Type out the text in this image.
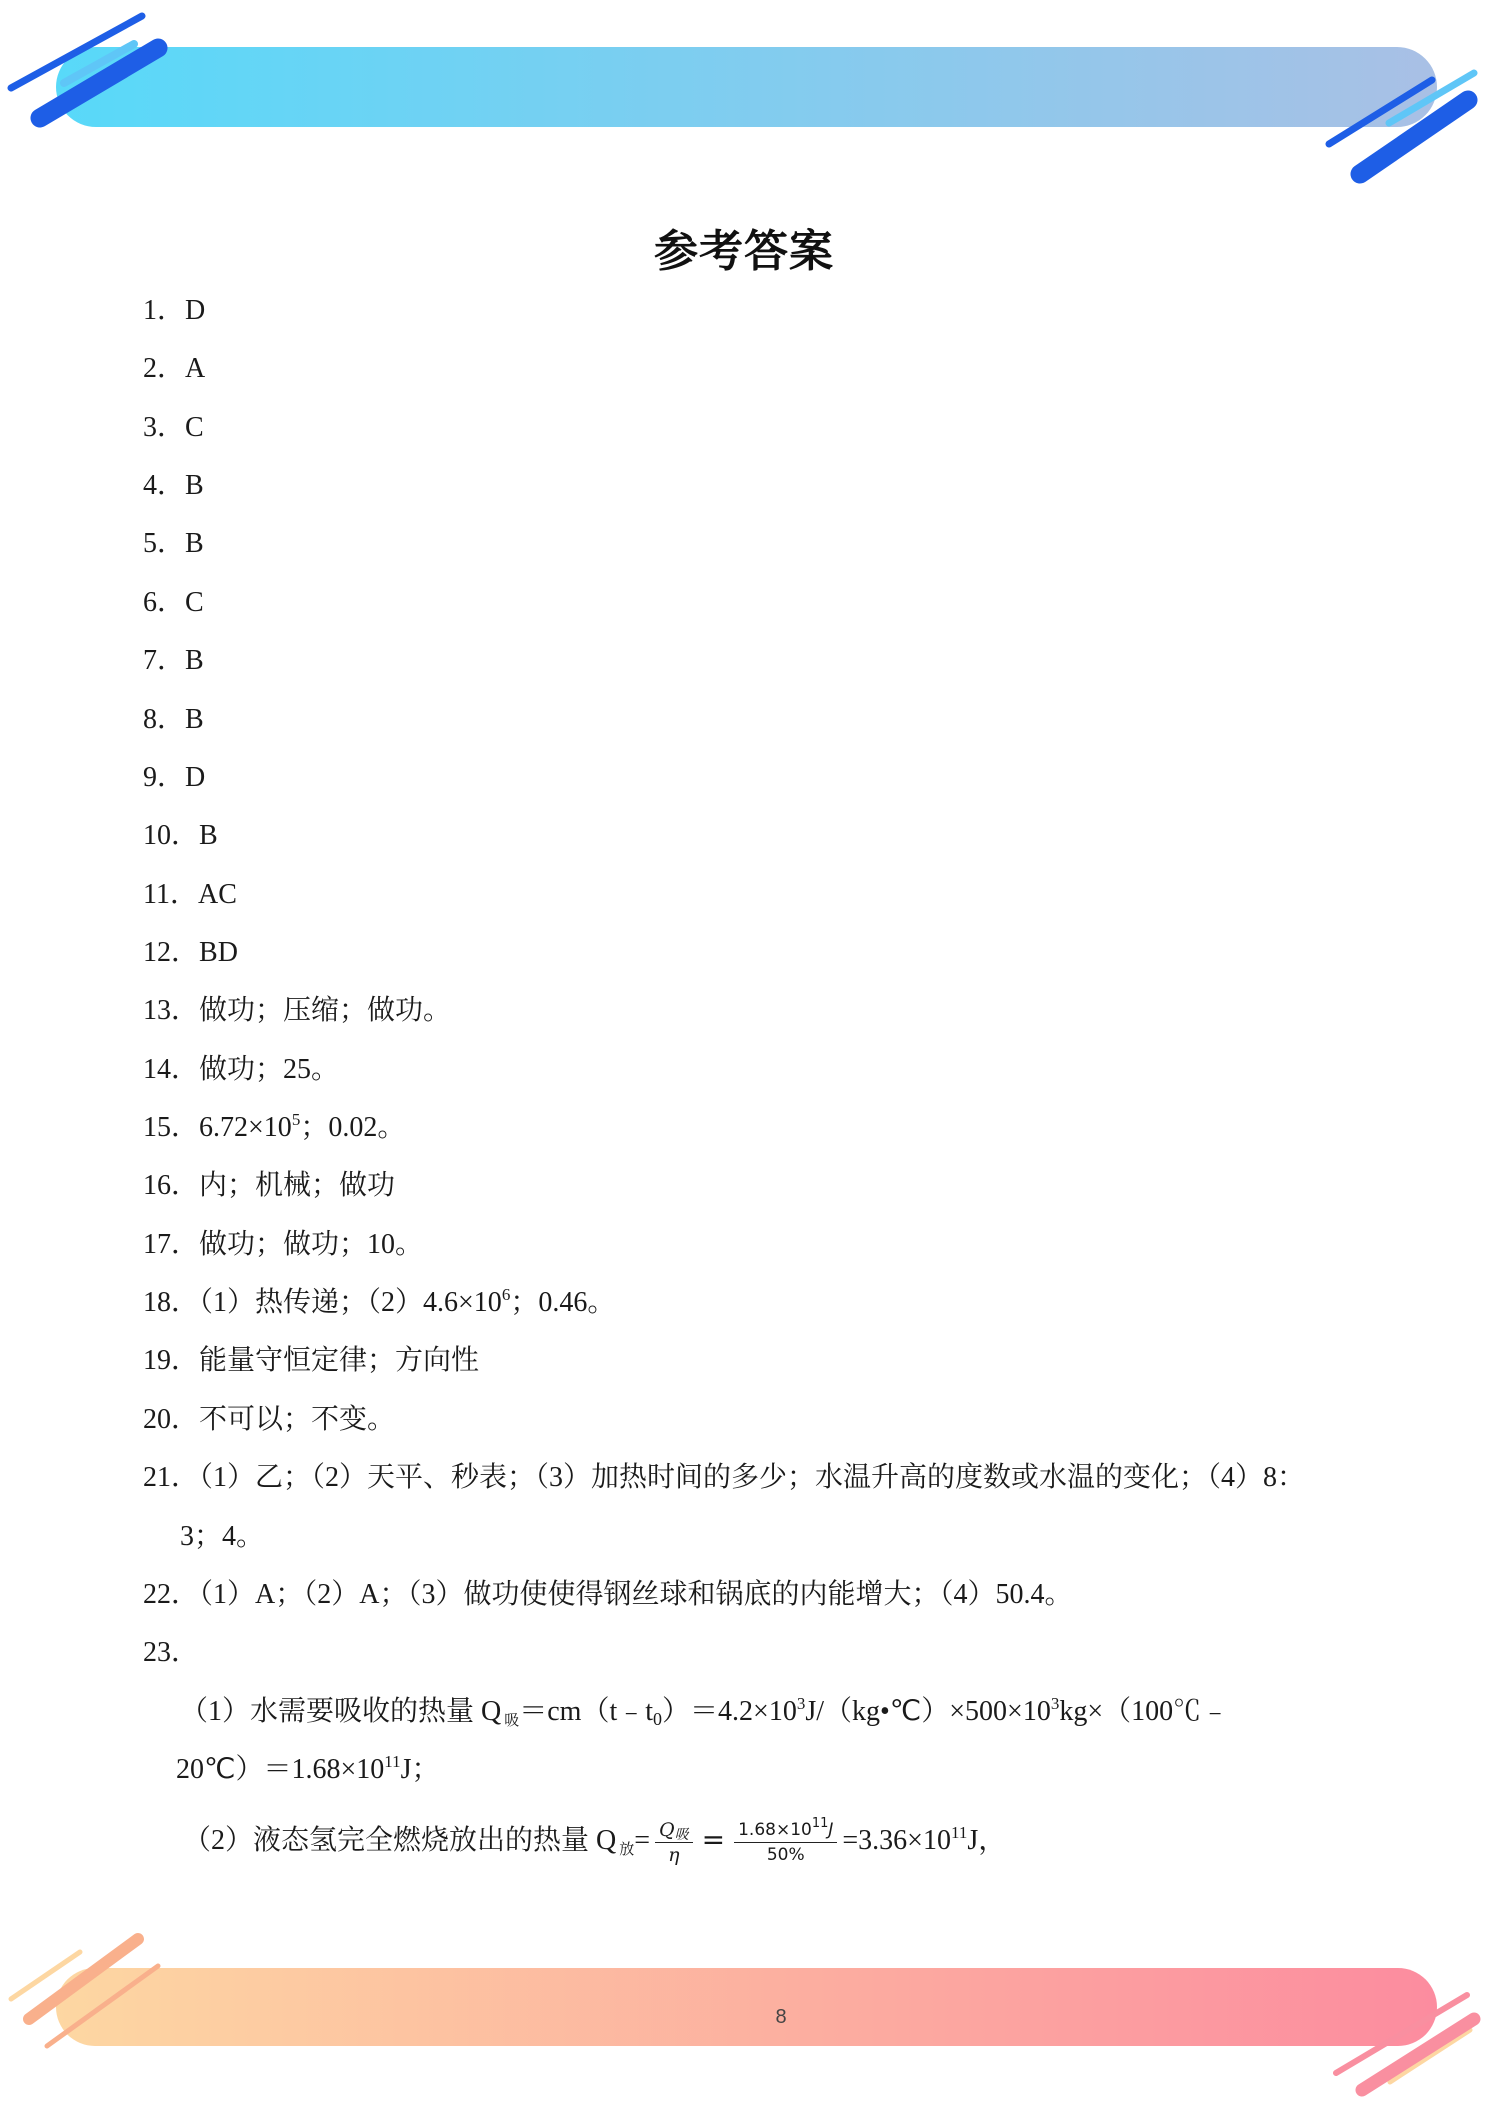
参考答案
1．D
2．A
3．C
4．B
5．B
6．C
7．B
8．B
9．D
10．B
11．AC
12．BD
13．做功；压缩；做功。
14．做功；25。
15．$6.72\times 10^5$；0.02。
16．内；机械；做功
17．做功；做功；10。
18．（1）热传递；$(2)4.6\times 10^6$；0.46。
19．能量守恒定律；方向性
20．不可以；不变。
21．（1）乙；（2）天平、秒表；（3）加热时间的多少；水温升高的度数或水温的变化；（4）8：
3；4。
22．（1）A；（2）A；（3）做功使使得钢丝球和锅底的内能增大；（4）50.4。
23．
（1）水需要吸收的热量 Q $_吸=cm(t﹣t_0)=4.2\times 10^3J/(kg•℃)\times 500\times 10^3kg\times(100℃﹣$
$20℃)=1.68\times 10^{11}J$；
（2）液态氢完全燃烧放出的热量 Q $_放= \frac{Q_吸}{\eta} = \frac{1.68\times 10^{11}J}{50\%} =3.36\times 10^{11}J$，
8
